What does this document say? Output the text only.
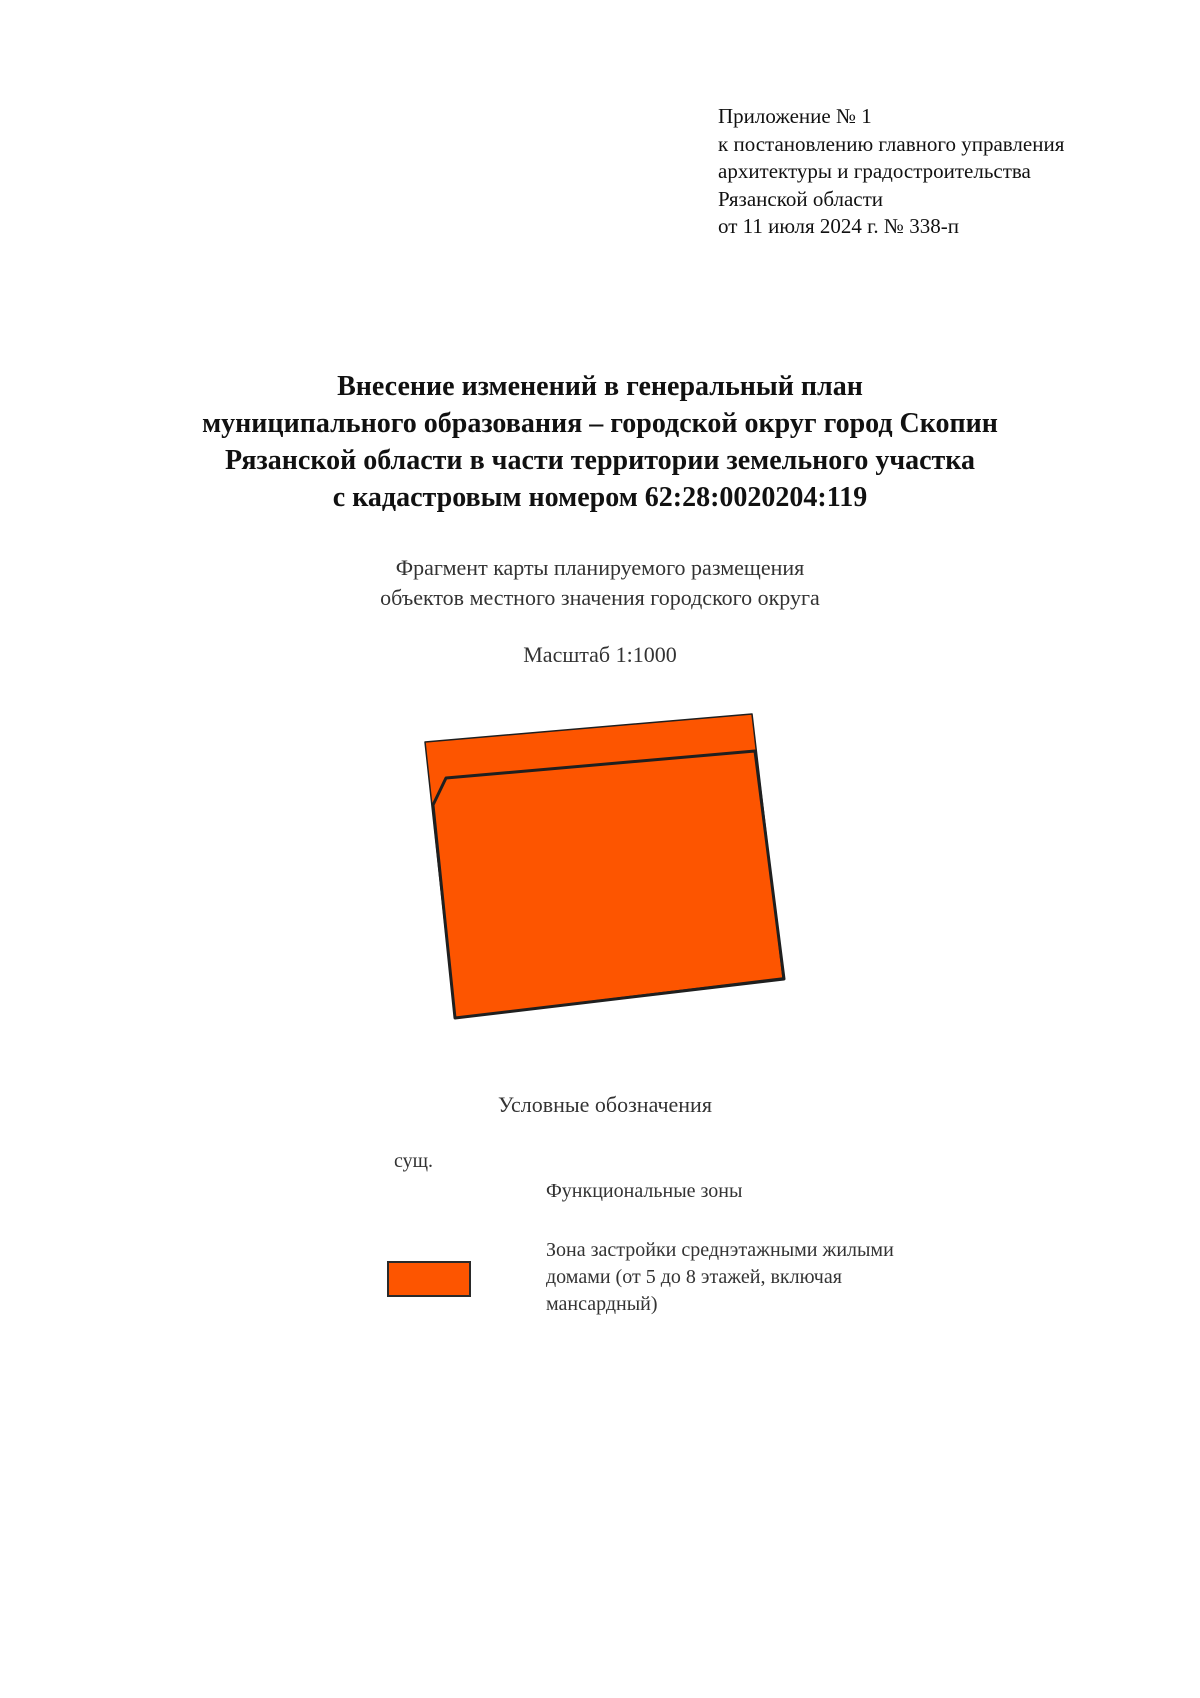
Приложение № 1
к постановлению главного управления
архитектуры и градостроительства
Рязанской области
от 11 июля 2024 г. № 338-п
Внесение изменений в генеральный план
муниципального образования – городской округ город Скопин
Рязанской области в части территории земельного участка
с кадастровым номером 62:28:0020204:119
Фрагмент карты планируемого размещения
объектов местного значения городского округа
Масштаб 1:1000
Условные обозначения
сущ.
Функциональные зоны
Зона застройки среднэтажными жилыми
домами (от 5 до 8 этажей, включая
мансардный)
